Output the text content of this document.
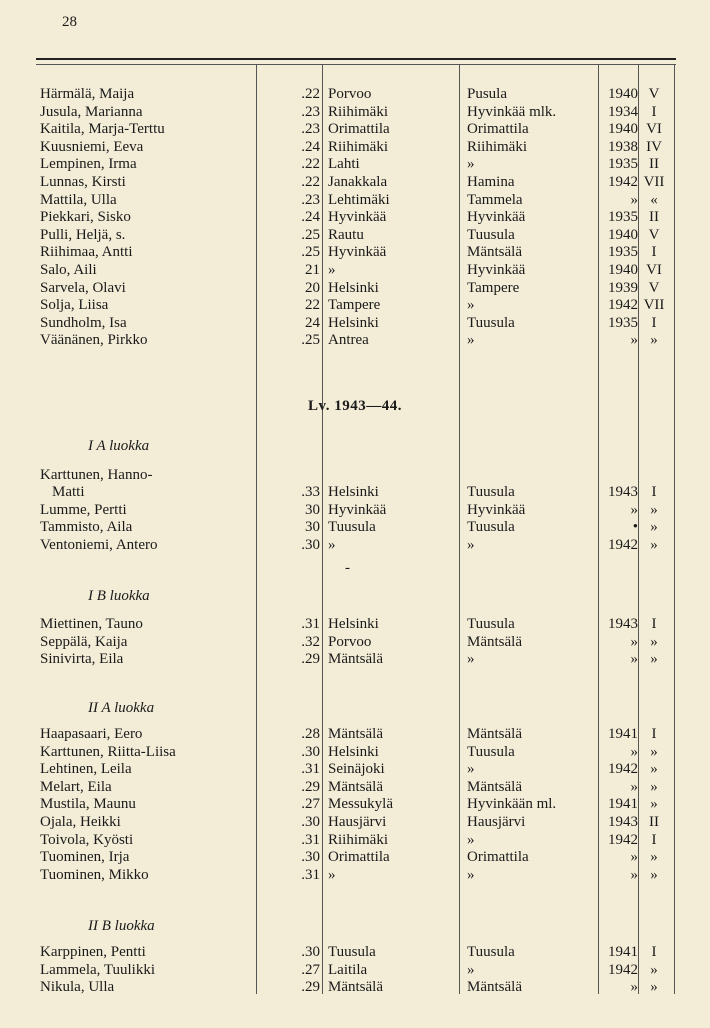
28
Lv. 1943—44.
-
Härmälä, Maija	.22 Porvoo	Pusula	1940 V
Jusula, Marianna	.23 Riihimäki	Hyvinkää mlk.	1934 I
Kaitila, Marja-Terttu	.23 Orimattila	Orimattila	1940 VI
Kuusniemi, Eeva	.24 Riihimäki	Riihimäki	1938 IV
Lempinen, Irma	.22 Lahti	»	1935 II
Lunnas, Kirsti	.22 Janakkala	Hamina	1942 VII
Mattila, Ulla	.23 Lehtimäki	Tammela	» «
Piekkari, Sisko	.24 Hyvinkää	Hyvinkää	1935 II
Pulli, Heljä, s.	.25 Rautu	Tuusula	1940 V
Riihimaa, Antti	.25 Hyvinkää	Mäntsälä	1935 I
Salo, Aili	21 »	Hyvinkää	1940 VI
Sarvela, Olavi	20 Helsinki	Tampere	1939 V
Solja, Liisa	22 Tampere	»	1942 VII
Sundholm, Isa	24 Helsinki	Tuusula	1935 I
Väänänen, Pirkko	.25 Antrea	»	» »
I A luokka
Karttunen, Hanno-
Matti	.33 Helsinki	Tuusula	1943 I
Lumme, Pertti	30 Hyvinkää	Hyvinkää	» »
Tammisto, Aila	30 Tuusula	Tuusula	• »
Ventoniemi, Antero	.30 »	»	1942 »
I B luokka
Miettinen, Tauno	.31 Helsinki	Tuusula	1943 I
Seppälä, Kaija	.32 Porvoo	Mäntsälä	» »
Sinivirta, Eila	.29 Mäntsälä	»	» »
II A luokka
Haapasaari, Eero	.28 Mäntsälä	Mäntsälä	1941 I
Karttunen, Riitta-Liisa	.30 Helsinki	Tuusula	» »
Lehtinen, Leila	.31 Seinäjoki	»	1942 »
Melart, Eila	.29 Mäntsälä	Mäntsälä	» »
Mustila, Maunu	.27 Messukylä	Hyvinkään ml.	1941 »
Ojala, Heikki	.30 Hausjärvi	Hausjärvi	1943 II
Toivola, Kyösti	.31 Riihimäki	»	1942 I
Tuominen, Irja	.30 Orimattila	Orimattila	» »
Tuominen, Mikko	.31 »	»	» »
II B luokka
Karppinen, Pentti	.30 Tuusula	Tuusula	1941 I
Lammela, Tuulikki	.27 Laitila	»	1942 »
Nikula, Ulla	.29 Mäntsälä	Mäntsälä	» »
